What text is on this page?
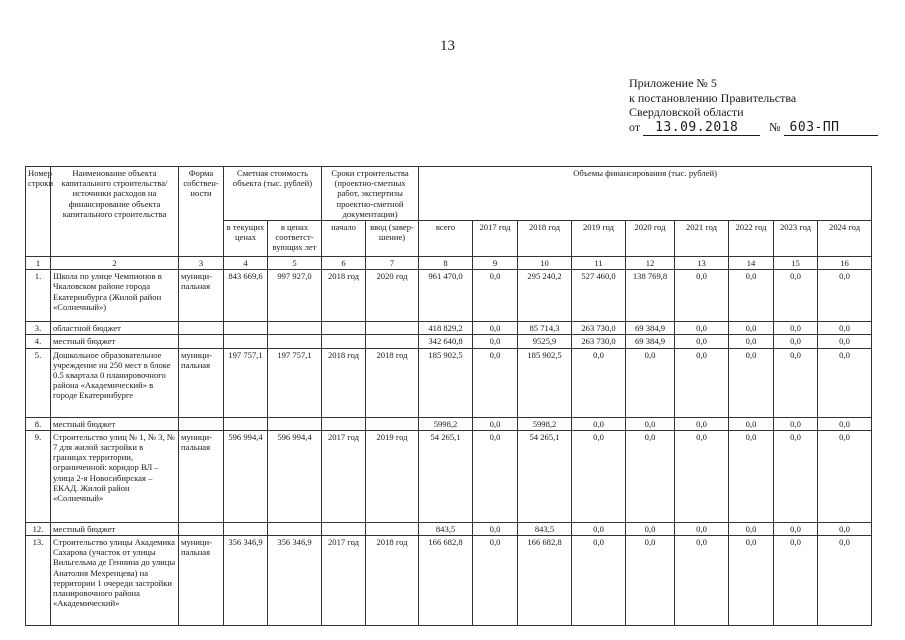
13
Приложение № 5
к постановлению Правительства
Свердловской области
от 13.09.2018	№ 603-ПП
Номер строки	Наименование объекта капитального строительства/ источники расходов на финансирование объекта капитального строительства	Форма собствен-ности	Сметная стоимость объекта (тыс. рублей)		Сроки строительства (проектно-сметных работ, экспертизы проектно-сметной документации)		Объемы финансирования (тыс. рублей)								
			в текущих ценах	в ценах соответст-вующих лет	начало	ввод (завер-шение)	всего	2017 год	2018 год	2019 год	2020 год	2021 год	2022 год	2023 год	2024 год
1	2	3	4	5	6	7	8	9	10	11	12	13	14	15	16
1.	Школа по улице Чемпионов в Чкаловском районе города Екатеринбурга (Жилой район «Солнечный»)	муници-пальная	843 669,6	997 927,0	2018 год	2020 год	961 470,0	0,0	295 240,2	527 460,0	138 769,8	0,0	0,0	0,0	0,0
3.	областной бюджет						418 829,2	0,0	85 714,3	263 730,0	69 384,9	0,0	0,0	0,0	0,0
4.	местный бюджет						342 640,8	0,0	9525,9	263 730,0	69 384,9	0,0	0,0	0,0	0,0
5.	Дошкольное образовательное учреждение на 250 мест в блоке 0.5 квартала 0 планировочного района «Академический» в городе Екатеринбурге	муници-пальная	197 757,1	197 757,1	2018 год	2018 год	185 902,5	0,0	185 902,5	0,0	0,0	0,0	0,0	0,0	0,0
8.	местный бюджет						5998,2	0,0	5998,2	0,0	0,0	0,0	0,0	0,0	0,0
9.	Строительство улиц № 1, № 3, № 7 для жилой застройки в границах территории, ограниченной: коридор ВЛ – улица 2-я Новосибирская – ЕКАД. Жилой район «Солнечный»	муници-пальная	596 994,4	596 994,4	2017 год	2019 год	54 265,1	0,0	54 265,1	0,0	0,0	0,0	0,0	0,0	0,0
12.	местный бюджет						843,5	0,0	843,5	0,0	0,0	0,0	0,0	0,0	0,0
13.	Строительство улицы Академика Сахарова (участок от улицы Вильгельма де Геннина до улицы Анатолия Мехренцева) на территории 1 очереди застройки планировочного района «Академический»	муници-пальная	356 346,9	356 346,9	2017 год	2018 год	166 682,8	0,0	166 682,8	0,0	0,0	0,0	0,0	0,0	0,0
